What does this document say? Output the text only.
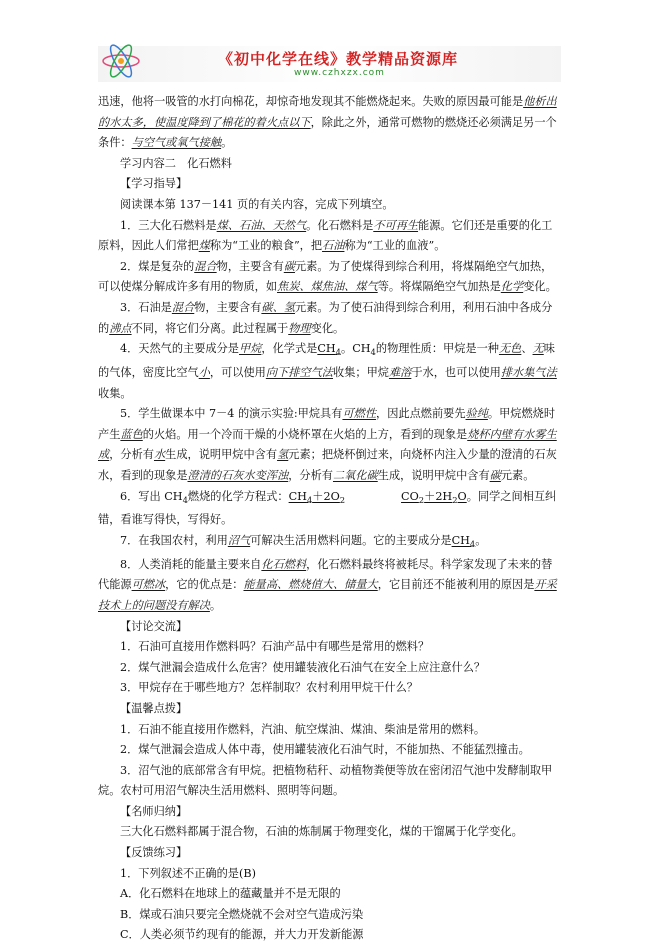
《初中化学在线》教学精品资源库
www.czhxzx.com

迅速，他将一吸管的水打向棉花，却惊奇地发现其不能燃烧起来。失败的原因最可能是他析出的水太多，使温度降到了棉花的着火点以下，除此之外，通常可燃物的燃烧还必须满足另一个条件：与空气或氧气接触。

学习内容二　化石燃料

【学习指导】

阅读课本第 137－141 页的有关内容，完成下列填空。

1．三大化石燃料是煤、石油、天然气。化石燃料是不可再生能源。它们还是重要的化工原料，因此人们常把煤称为“工业的粮食”，把石油称为“工业的血液”。

2．煤是复杂的混合物，主要含有碳元素。为了使煤得到综合利用，将煤隔绝空气加热，可以使煤分解成许多有用的物质，如焦炭、煤焦油、煤气等。将煤隔绝空气加热是化学变化。

3．石油是混合物，主要含有碳、氢元素。为了使石油得到综合利用，利用石油中各成分的沸点不同，将它们分离。此过程属于物理变化。

4．天然气的主要成分是甲烷，化学式是$CH_4$。$CH_4$的物理性质：甲烷是一种无色、无味的气体，密度比空气小，可以使用向下排空气法收集；甲烷难溶于水，也可以使用排水集气法收集。

5．学生做课本中 7－4 的演示实验:甲烷具有可燃性，因此点燃前要先验纯。甲烷燃烧时产生蓝色的火焰。用一个冷而干燥的小烧杯罩在火焰的上方，看到的现象是烧杯内壁有水雾生成，分析有水生成，说明甲烷中含有氢元素；把烧杯倒过来，向烧杯内注入少量的澄清的石灰水，看到的现象是澄清的石灰水变浑浊，分析有二氧化碳生成，说明甲烷中含有碳元素。

6．写出 $CH_4$燃烧的化学方程式：$CH_4+2O_2$     	$CO_2+2H_2O$。同学之间相互纠错，看谁写得快，写得好。

7．在我国农村，利用沼气可解决生活用燃料问题。它的主要成分是$CH_4$。

8．人类消耗的能量主要来自化石燃料，化石燃料最终将被耗尽。科学家发现了未来的替代能源可燃冰，它的优点是：能量高、燃烧值大、储量大，它目前还不能被利用的原因是开采技术上的问题没有解决。

【讨论交流】

1．石油可直接用作燃料吗？石油产品中有哪些是常用的燃料？

2．煤气泄漏会造成什么危害？使用罐装液化石油气在安全上应注意什么？

3．甲烷存在于哪些地方？怎样制取？农村利用甲烷干什么？

【温馨点拨】

1．石油不能直接用作燃料，汽油、航空煤油、煤油、柴油是常用的燃料。

2．煤气泄漏会造成人体中毒，使用罐装液化石油气时，不能加热、不能猛烈撞击。

3．沼气池的底部常含有甲烷。把植物秸秆、动植物粪便等放在密闭沼气池中发酵制取甲烷。农村可用沼气解决生活用燃料、照明等问题。

【名师归纳】

三大化石燃料都属于混合物，石油的炼制属于物理变化，煤的干馏属于化学变化。

【反馈练习】

1．下列叙述不正确的是(B)

A．化石燃料在地球上的蕴藏量并不是无限的

B．煤或石油只要完全燃烧就不会对空气造成污染

C．人类必须节约现有的能源，并大力开发新能源
